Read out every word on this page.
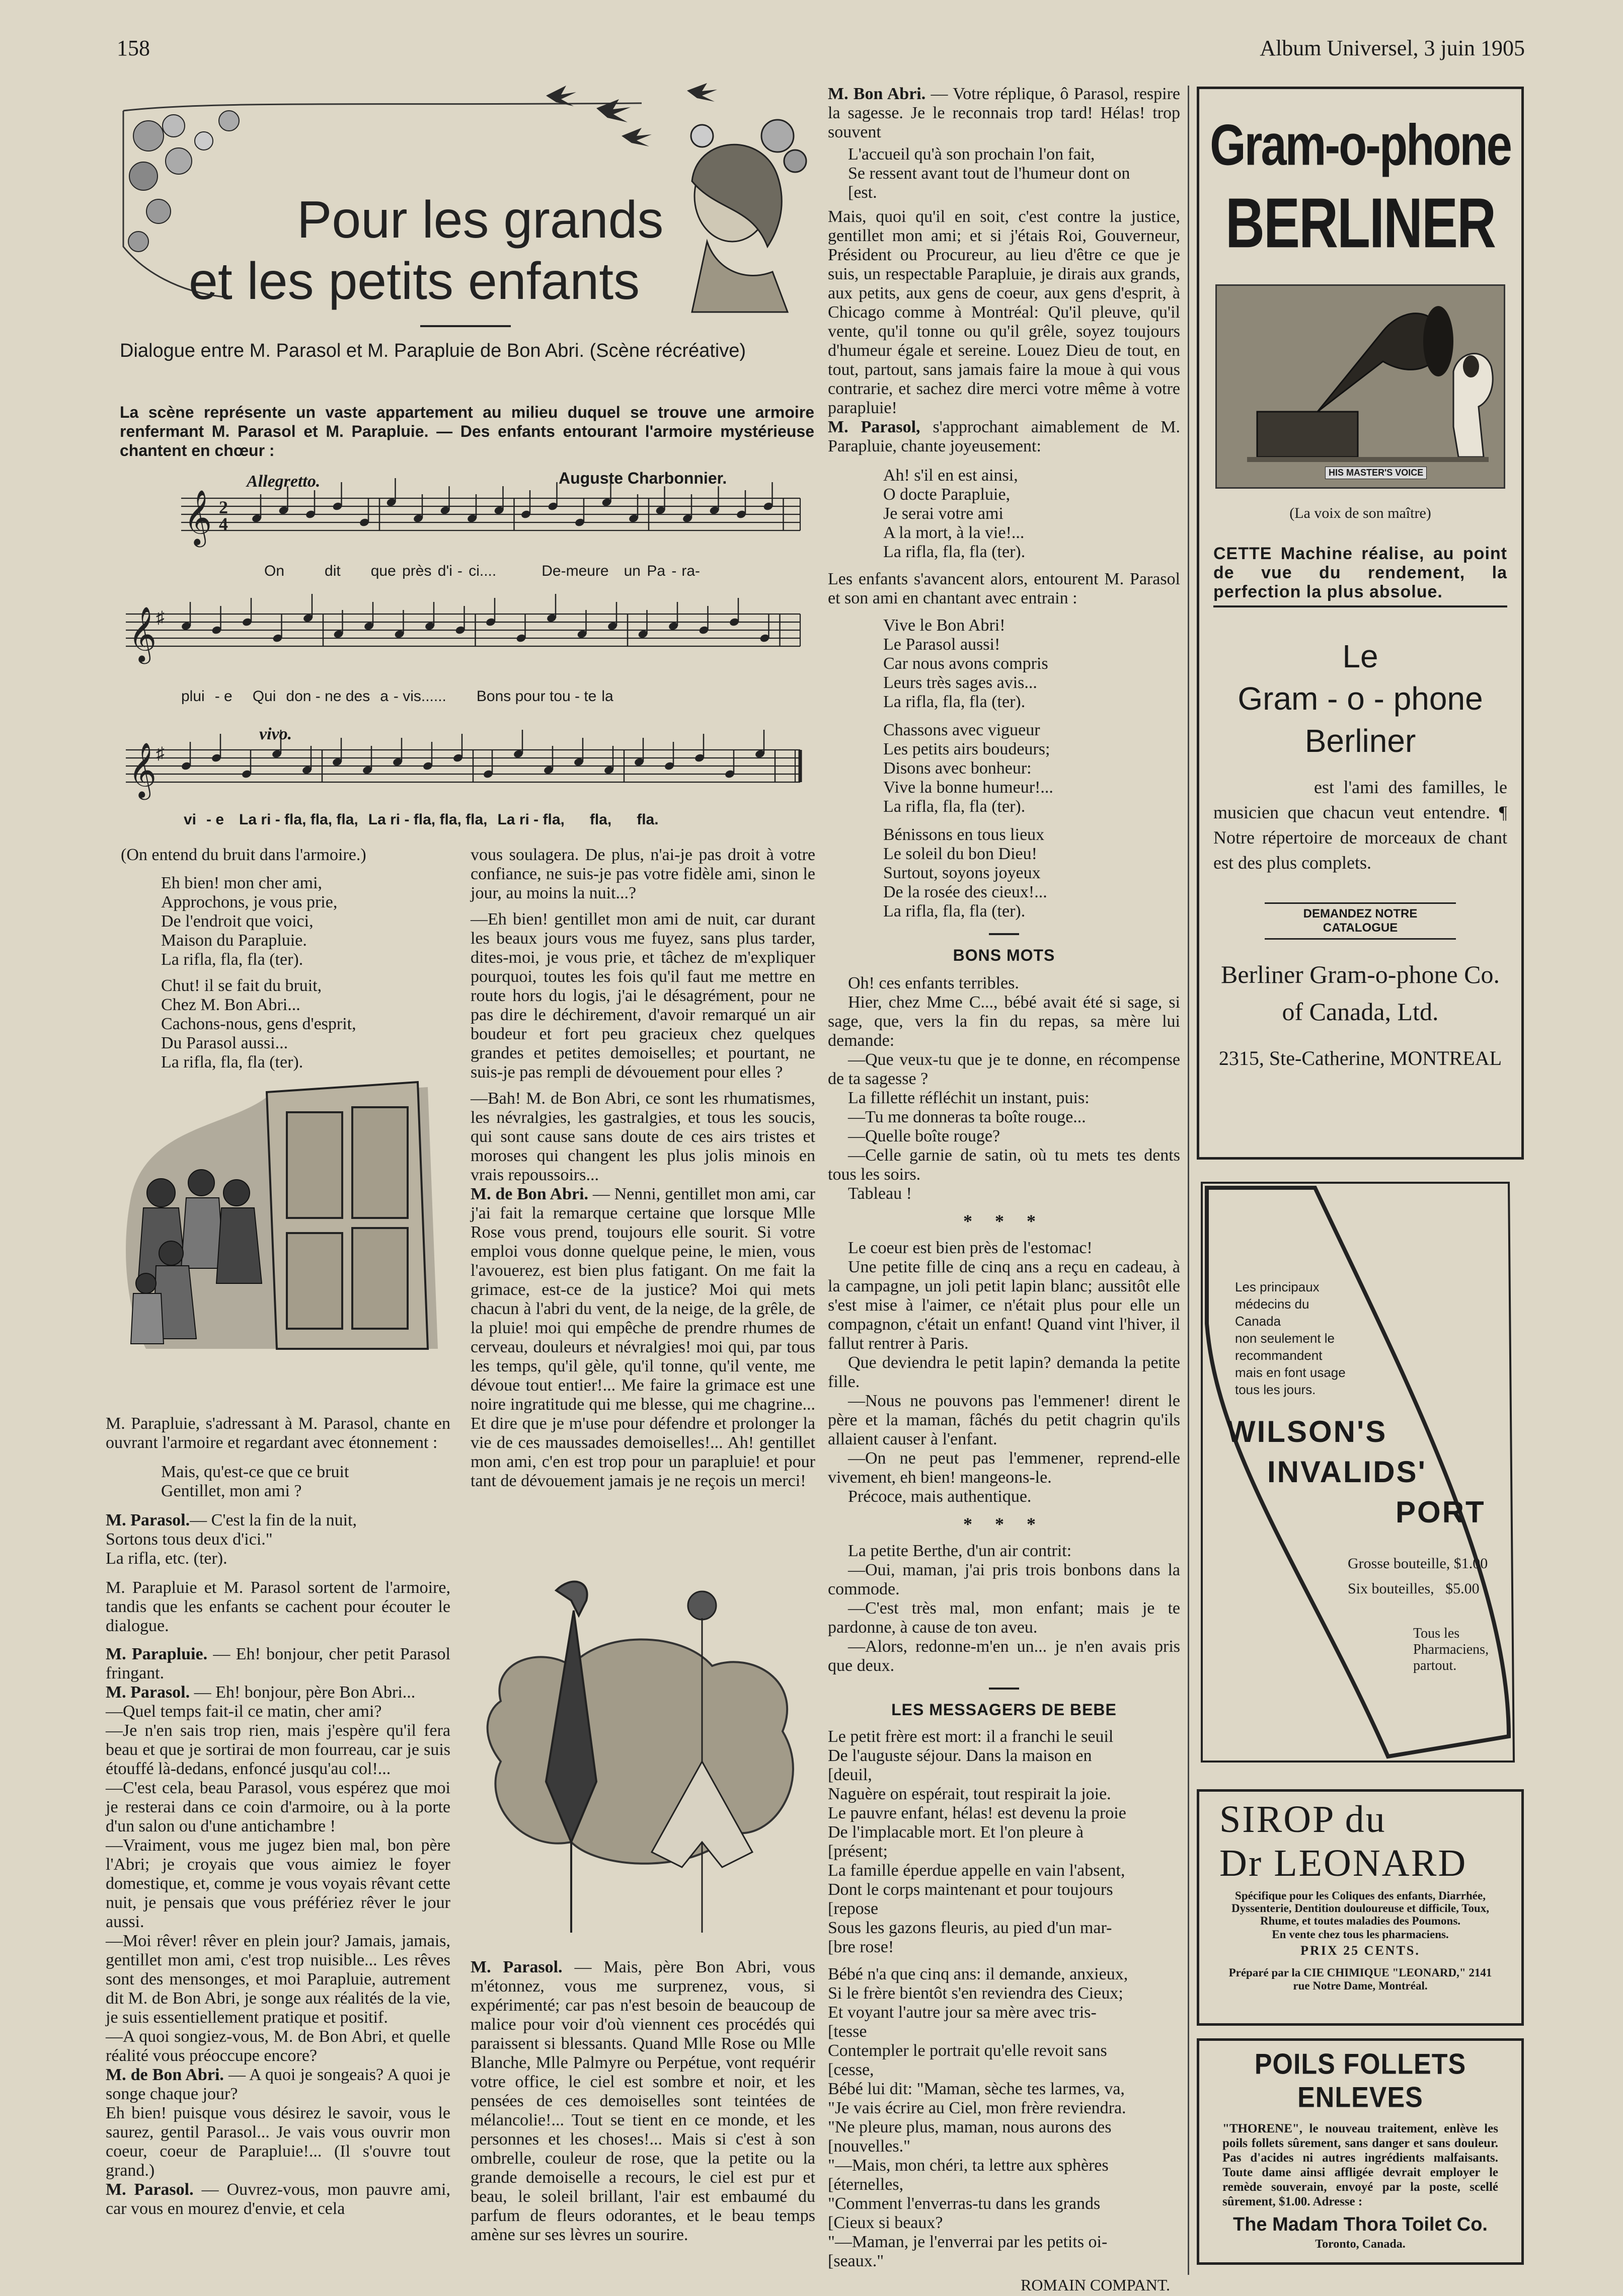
158	Album Universel, 3 juin 1905
Pour les grands
et les petits enfants
Dialogue entre M. Parasol et M. Parapluie de Bon Abri. (Scène récréative)
La scène représente un vaste appartement au milieu duquel se trouve une armoire renfermant M. Parasol et M. Parapluie. — Des enfants entourant l'armoire mystérieuse chantent en chœur :
𝄞 2
4
𝄞
♯
𝄞
♯
Allegretto.	Auguste Charbonnier.
On	dit que près d'i - ci....	De-meure un Pa - ra-
plui - e Qui don - ne des a - vis...... Bons pour tou - te la
vivo.
vi - e La ri - fla, fla, fla, La ri - fla, fla, fla, La ri - fla, fla, fla.

(On entend du bruit dans l'armoire.)

Eh bien! mon cher ami,
Approchons, je vous prie,
De l'endroit que voici,
Maison du Parapluie.
La rifla, fla, fla (ter).

Chut! il se fait du bruit,
Chez M. Bon Abri...
Cachons-nous, gens d'esprit,
Du Parasol aussi...
La rifla, fla, fla (ter).

M. Parapluie, s'adressant à M. Parasol, chante en ouvrant l'armoire et regardant avec étonnement :

Mais, qu'est-ce que ce bruit
Gentillet, mon ami ?

M. Parasol.— C'est la fin de la nuit,
Sortons tous deux d'ici."
La rifla, etc. (ter).

M. Parapluie et M. Parasol sortent de l'armoire, tandis que les enfants se cachent pour écouter le dialogue.

M. Parapluie. — Eh! bonjour, cher petit Parasol fringant.

M. Parasol. — Eh! bonjour, père Bon Abri...

—Quel temps fait-il ce matin, cher ami?

—Je n'en sais trop rien, mais j'espère qu'il fera beau et que je sortirai de mon fourreau, car je suis étouffé là-dedans, enfoncé jusqu'au col!...

—C'est cela, beau Parasol, vous espérez que moi je resterai dans ce coin d'armoire, ou à la porte d'un salon ou d'une antichambre !

—Vraiment, vous me jugez bien mal, bon père l'Abri; je croyais que vous aimiez le foyer domestique, et, comme je vous voyais rêvant cette nuit, je pensais que vous préfériez rêver le jour aussi.

—Moi rêver! rêver en plein jour? Jamais, jamais, gentillet mon ami, c'est trop nuisible... Les rêves sont des mensonges, et moi Parapluie, autrement dit M. de Bon Abri, je songe aux réalités de la vie, je suis essentiellement pratique et positif.

—A quoi songiez-vous, M. de Bon Abri, et quelle réalité vous préoccupe encore?

M. de Bon Abri. — A quoi je songeais? A quoi je songe chaque jour?

Eh bien! puisque vous désirez le savoir, vous le saurez, gentil Parasol... Je vais vous ouvrir mon coeur, coeur de Parapluie!... (Il s'ouvre tout grand.)

M. Parasol. — Ouvrez-vous, mon pauvre ami, car vous en mourez d'envie, et cela

vous soulagera. De plus, n'ai-je pas droit à votre confiance, ne suis-je pas votre fidèle ami, sinon le jour, au moins la nuit...?

—Eh bien! gentillet mon ami de nuit, car durant les beaux jours vous me fuyez, sans plus tarder, dites-moi, je vous prie, et tâchez de m'expliquer pourquoi, toutes les fois qu'il faut me mettre en route hors du logis, j'ai le désagrément, pour ne pas dire le déchirement, d'avoir remarqué un air boudeur et fort peu gracieux chez quelques grandes et petites demoiselles; et pourtant, ne suis-je pas rempli de dévouement pour elles ?

—Bah! M. de Bon Abri, ce sont les rhumatismes, les névralgies, les gastralgies, et tous les soucis, qui sont cause sans doute de ces airs tristes et moroses qui changent les plus jolis minois en vrais repoussoirs...

M. de Bon Abri. — Nenni, gentillet mon ami, car j'ai fait la remarque certaine que lorsque Mlle Rose vous prend, toujours elle sourit. Si votre emploi vous donne quelque peine, le mien, vous l'avouerez, est bien plus fatigant. On me fait la grimace, est-ce de la justice? Moi qui mets chacun à l'abri du vent, de la neige, de la grêle, de la pluie! moi qui empêche de prendre rhumes de cerveau, douleurs et névralgies! moi qui, par tous les temps, qu'il gèle, qu'il tonne, qu'il vente, me dévoue tout entier!... Me faire la grimace est une noire ingratitude qui me blesse, qui me chagrine... Et dire que je m'use pour défendre et prolonger la vie de ces maussades demoiselles!... Ah! gentillet mon ami, c'en est trop pour un parapluie! et pour tant de dévouement jamais je ne reçois un merci!

M. Parasol. — Mais, père Bon Abri, vous m'étonnez, vous me surprenez, vous, si expérimenté; car pas n'est besoin de beaucoup de malice pour voir d'où viennent ces procédés qui paraissent si blessants. Quand Mlle Rose ou Mlle Blanche, Mlle Palmyre ou Perpétue, vont requérir votre office, le ciel est sombre et noir, et les pensées de ces demoiselles sont teintées de mélancolie!... Tout se tient en ce monde, et les personnes et les choses!... Mais si c'est à son ombrelle, couleur de rose, que la petite ou la grande demoiselle a recours, le ciel est pur et beau, le soleil brillant, l'air est embaumé du parfum de fleurs odorantes, et le beau temps amène sur ses lèvres un sourire.

M. Bon Abri. — Votre réplique, ô Parasol, respire la sagesse. Je le reconnais trop tard! Hélas! trop souvent

L'accueil qu'à son prochain l'on fait,
Se ressent avant tout de l'humeur dont on
[est.

Mais, quoi qu'il en soit, c'est contre la justice, gentillet mon ami; et si j'étais Roi, Gouverneur, Président ou Procureur, au lieu d'être ce que je suis, un respectable Parapluie, je dirais aux grands, aux petits, aux gens de coeur, aux gens d'esprit, à Chicago comme à Montréal: Qu'il pleuve, qu'il vente, qu'il tonne ou qu'il grêle, soyez toujours d'humeur égale et sereine. Louez Dieu de tout, en tout, partout, sans jamais faire la moue à qui vous contrarie, et sachez dire merci votre même à votre parapluie!

M. Parasol, s'approchant aimablement de M. Parapluie, chante joyeusement:

Ah! s'il en est ainsi,
O docte Parapluie,
Je serai votre ami
A la mort, à la vie!...
La rifla, fla, fla (ter).

Les enfants s'avancent alors, entourent M. Parasol et son ami en chantant avec entrain :

Vive le Bon Abri!
Le Parasol aussi!
Car nous avons compris
Leurs très sages avis...
La rifla, fla, fla (ter).

Chassons avec vigueur
Les petits airs boudeurs;
Disons avec bonheur:
Vive la bonne humeur!...
La rifla, fla, fla (ter).

Bénissons en tous lieux
Le soleil du bon Dieu!
Surtout, soyons joyeux
De la rosée des cieux!...
La rifla, fla, fla (ter).

BONS MOTS

Oh! ces enfants terribles.

Hier, chez Mme C..., bébé avait été si sage, si sage, que, vers la fin du repas, sa mère lui demande:

—Que veux-tu que je te donne, en récompense de ta sagesse ?

La fillette réfléchit un instant, puis:

—Tu me donneras ta boîte rouge...

—Quelle boîte rouge?

—Celle garnie de satin, où tu mets tes dents tous les soirs.

Tableau !

* * *

Le coeur est bien près de l'estomac!

Une petite fille de cinq ans a reçu en cadeau, à la campagne, un joli petit lapin blanc; aussitôt elle s'est mise à l'aimer, ce n'était plus pour elle un compagnon, c'était un enfant! Quand vint l'hiver, il fallut rentrer à Paris.

Que deviendra le petit lapin? demanda la petite fille.

—Nous ne pouvons pas l'emmener! dirent le père et la maman, fâchés du petit chagrin qu'ils allaient causer à l'enfant.

—On ne peut pas l'emmener, reprend-elle vivement, eh bien! mangeons-le.

Précoce, mais authentique.

* * *

La petite Berthe, d'un air contrit:

—Oui, maman, j'ai pris trois bonbons dans la commode.

—C'est très mal, mon enfant; mais je te pardonne, à cause de ton aveu.

—Alors, redonne-m'en un... je n'en avais pris que deux.

LES MESSAGERS DE BEBE

Le petit frère est mort: il a franchi le seuil
De l'auguste séjour. Dans la maison en
[deuil,
Naguère on espérait, tout respirait la joie.
Le pauvre enfant, hélas! est devenu la proie
De l'implacable mort. Et l'on pleure à
[présent;
La famille éperdue appelle en vain l'absent,
Dont le corps maintenant et pour toujours
[repose
Sous les gazons fleuris, au pied d'un mar-
[bre rose!

Bébé n'a que cinq ans: il demande, anxieux,
Si le frère bientôt s'en reviendra des Cieux;
Et voyant l'autre jour sa mère avec tris-
[tesse
Contempler le portrait qu'elle revoit sans
[cesse,
Bébé lui dit: "Maman, sèche tes larmes, va,
"Je vais écrire au Ciel, mon frère reviendra.
"Ne pleure plus, maman, nous aurons des
[nouvelles."
"—Mais, mon chéri, ta lettre aux sphères
[éternelles,
"Comment l'enverras-tu dans les grands
[Cieux si beaux?
"—Maman, je l'enverrai par les petits oi-
[seaux."

ROMAIN COMPANT.
Gram-o-phone
BERLINER
HIS MASTER'S VOICE
(La voix de son maître)
CETTE Machine réalise, au point de vue du rendement, la perfection la plus absolue.
Le
Gram - o - phone
Berliner
est l'ami des familles, le musicien que chacun veut entendre. ¶ Notre répertoire de morceaux de chant est des plus complets.
DEMANDEZ NOTRE CATALOGUE
Berliner Gram-o-phone Co.
of Canada, Ltd.
2315, Ste-Catherine, MONTREAL
Les principaux
médecins du
Canada
non seulement le
recommandent
mais en font usage
tous les jours.
WILSON'S
INVALIDS'
PORT
Grosse bouteille, $1.00
Six bouteilles,   $5.00
Tous les
Pharmaciens,
partout.
SIROP du
Dr LEONARD
Spécifique pour les Coliques des enfants, Diarrhée, Dyssenterie, Dentition douloureuse et difficile, Toux, Rhume, et toutes maladies des Poumons.
En vente chez tous les pharmaciens.
PRIX 25 CENTS.
Préparé par la CIE CHIMIQUE "LEONARD," 2141 rue Notre Dame, Montréal.
POILS FOLLETS ENLEVES
"THORENE", le nouveau traitement, enlève les poils follets sûrement, sans danger et sans douleur. Pas d'acides ni autres ingrédients malfaisants. Toute dame ainsi affligée devrait employer le remède souverain, envoyé par la poste, scellé sûrement, $1.00. Adresse :
The Madam Thora Toilet Co.
Toronto, Canada.
